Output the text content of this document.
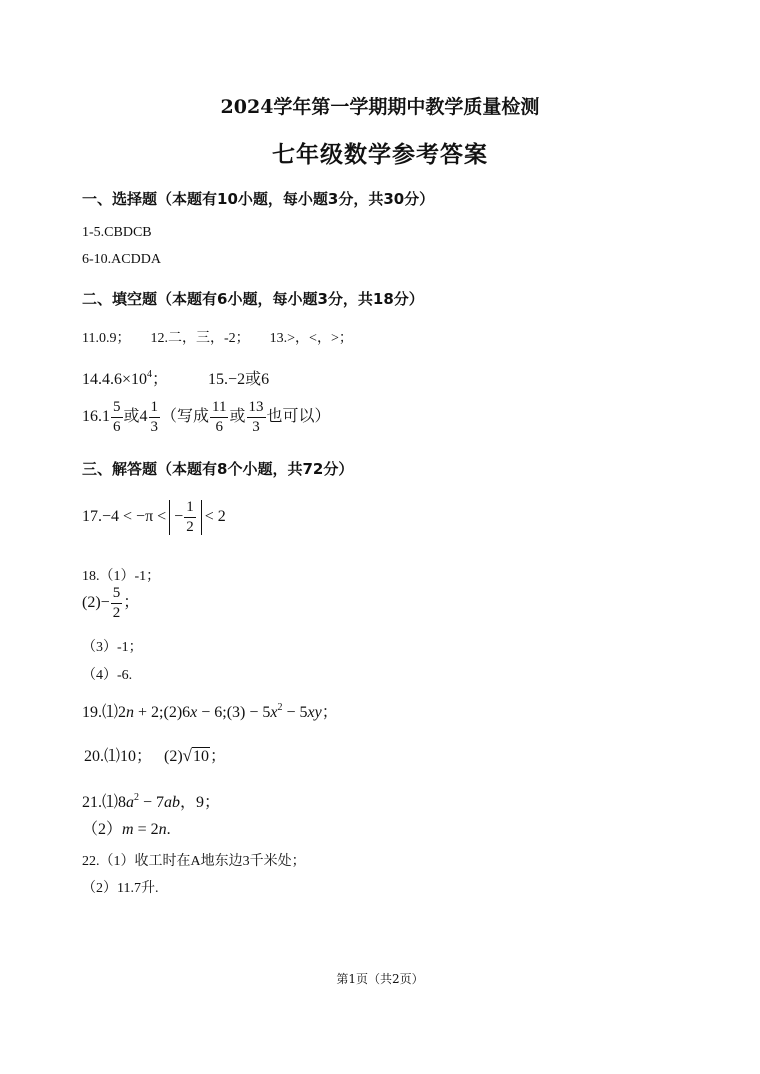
2024学年第一学期期中教学质量检测
七年级数学参考答案
一、选择题（本题有10小题，每小题3分，共30分）
1-5.CBDCB
6-10.ACDDA
二、填空题（本题有6小题，每小题3分，共18分）
11.0.9； 12.二，三，-2； 13.>，<，>；
$14.4.6\times 10^4$；	15.−2或6
$16.1 \frac{5}{6}$ 或$4 \frac{1}{3}$ （写成 $\frac{11}{6}$ 或 $\frac{13}{3}$ 也可以）
三、解答题（本题有8个小题，共72分）
17.−4 < −π < − $\frac{1}{2} < 2$
18.（1）-1；
$(2)- \frac{5}{2}$ ；
（3）-1；
（4）-6.
19.⑴2n + 2;(2)6x − 6;(3) − $5x^2 - 5xy$；
20.⑴10； (2)√10；
$21.⑴8a^2 - 7ab$，9；
（2）m = 2n.
22.（1）收工时在A地东边3千米处；
（2）11.7升.
第1页（共2页）
